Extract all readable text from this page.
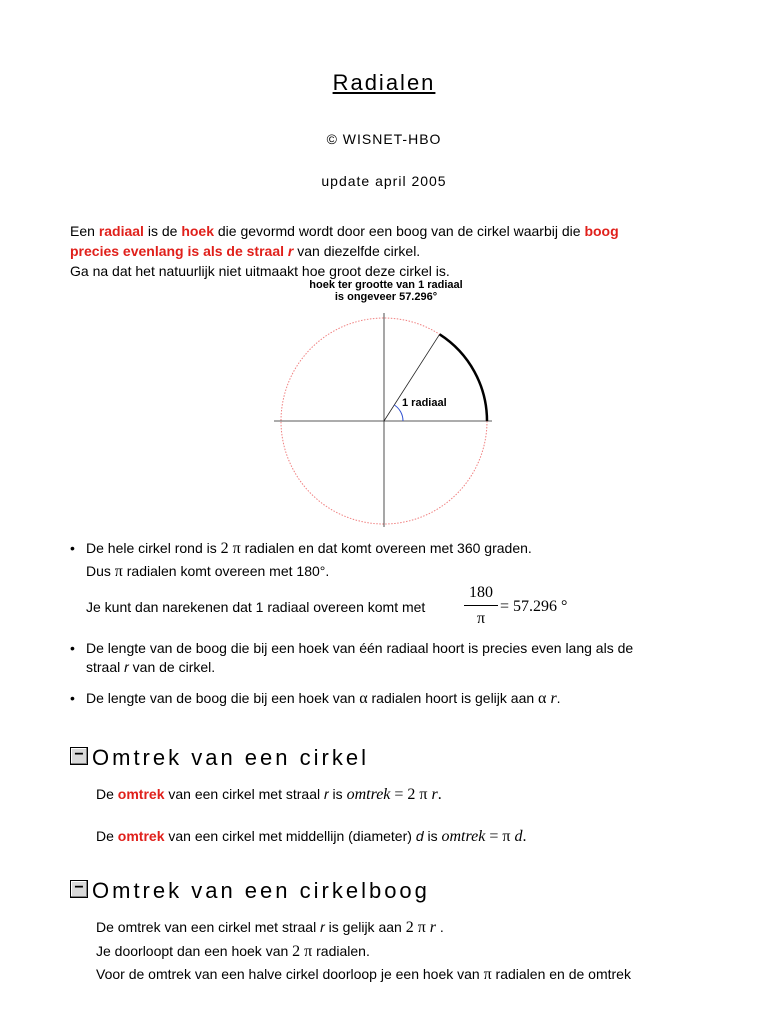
Radialen
© WISNET-HBO
update april 2005
Een radiaal is de hoek die gevormd wordt door een boog van de cirkel waarbij die boog
precies evenlang is als de straal r van diezelfde cirkel.
Ga na dat het natuurlijk niet uitmaakt hoe groot deze cirkel is.
hoek ter grootte van 1 radiaal
is ongeveer 57.296°
1 radiaal
• De hele cirkel rond is 2 π radialen en dat komt overeen met 360 graden.
Dus π radialen komt overeen met 180°.
Je kunt dan narekenen dat 1 radiaal overeen komt met
180
π
= 57.296 °
• De lengte van de boog die bij een hoek van één radiaal hoort is precies even lang als de
straal r van de cirkel.
• De lengte van de boog die bij een hoek van α radialen hoort is gelijk aan α r.
− Omtrek van een cirkel
De omtrek van een cirkel met straal r is omtrek = 2 π r.
De omtrek van een cirkel met middellijn (diameter) d is omtrek = π d.
− Omtrek van een cirkelboog
De omtrek van een cirkel met straal r is gelijk aan 2 π r .
Je doorloopt dan een hoek van 2 π radialen.
Voor de omtrek van een halve cirkel doorloop je een hoek van π radialen en de omtrek
